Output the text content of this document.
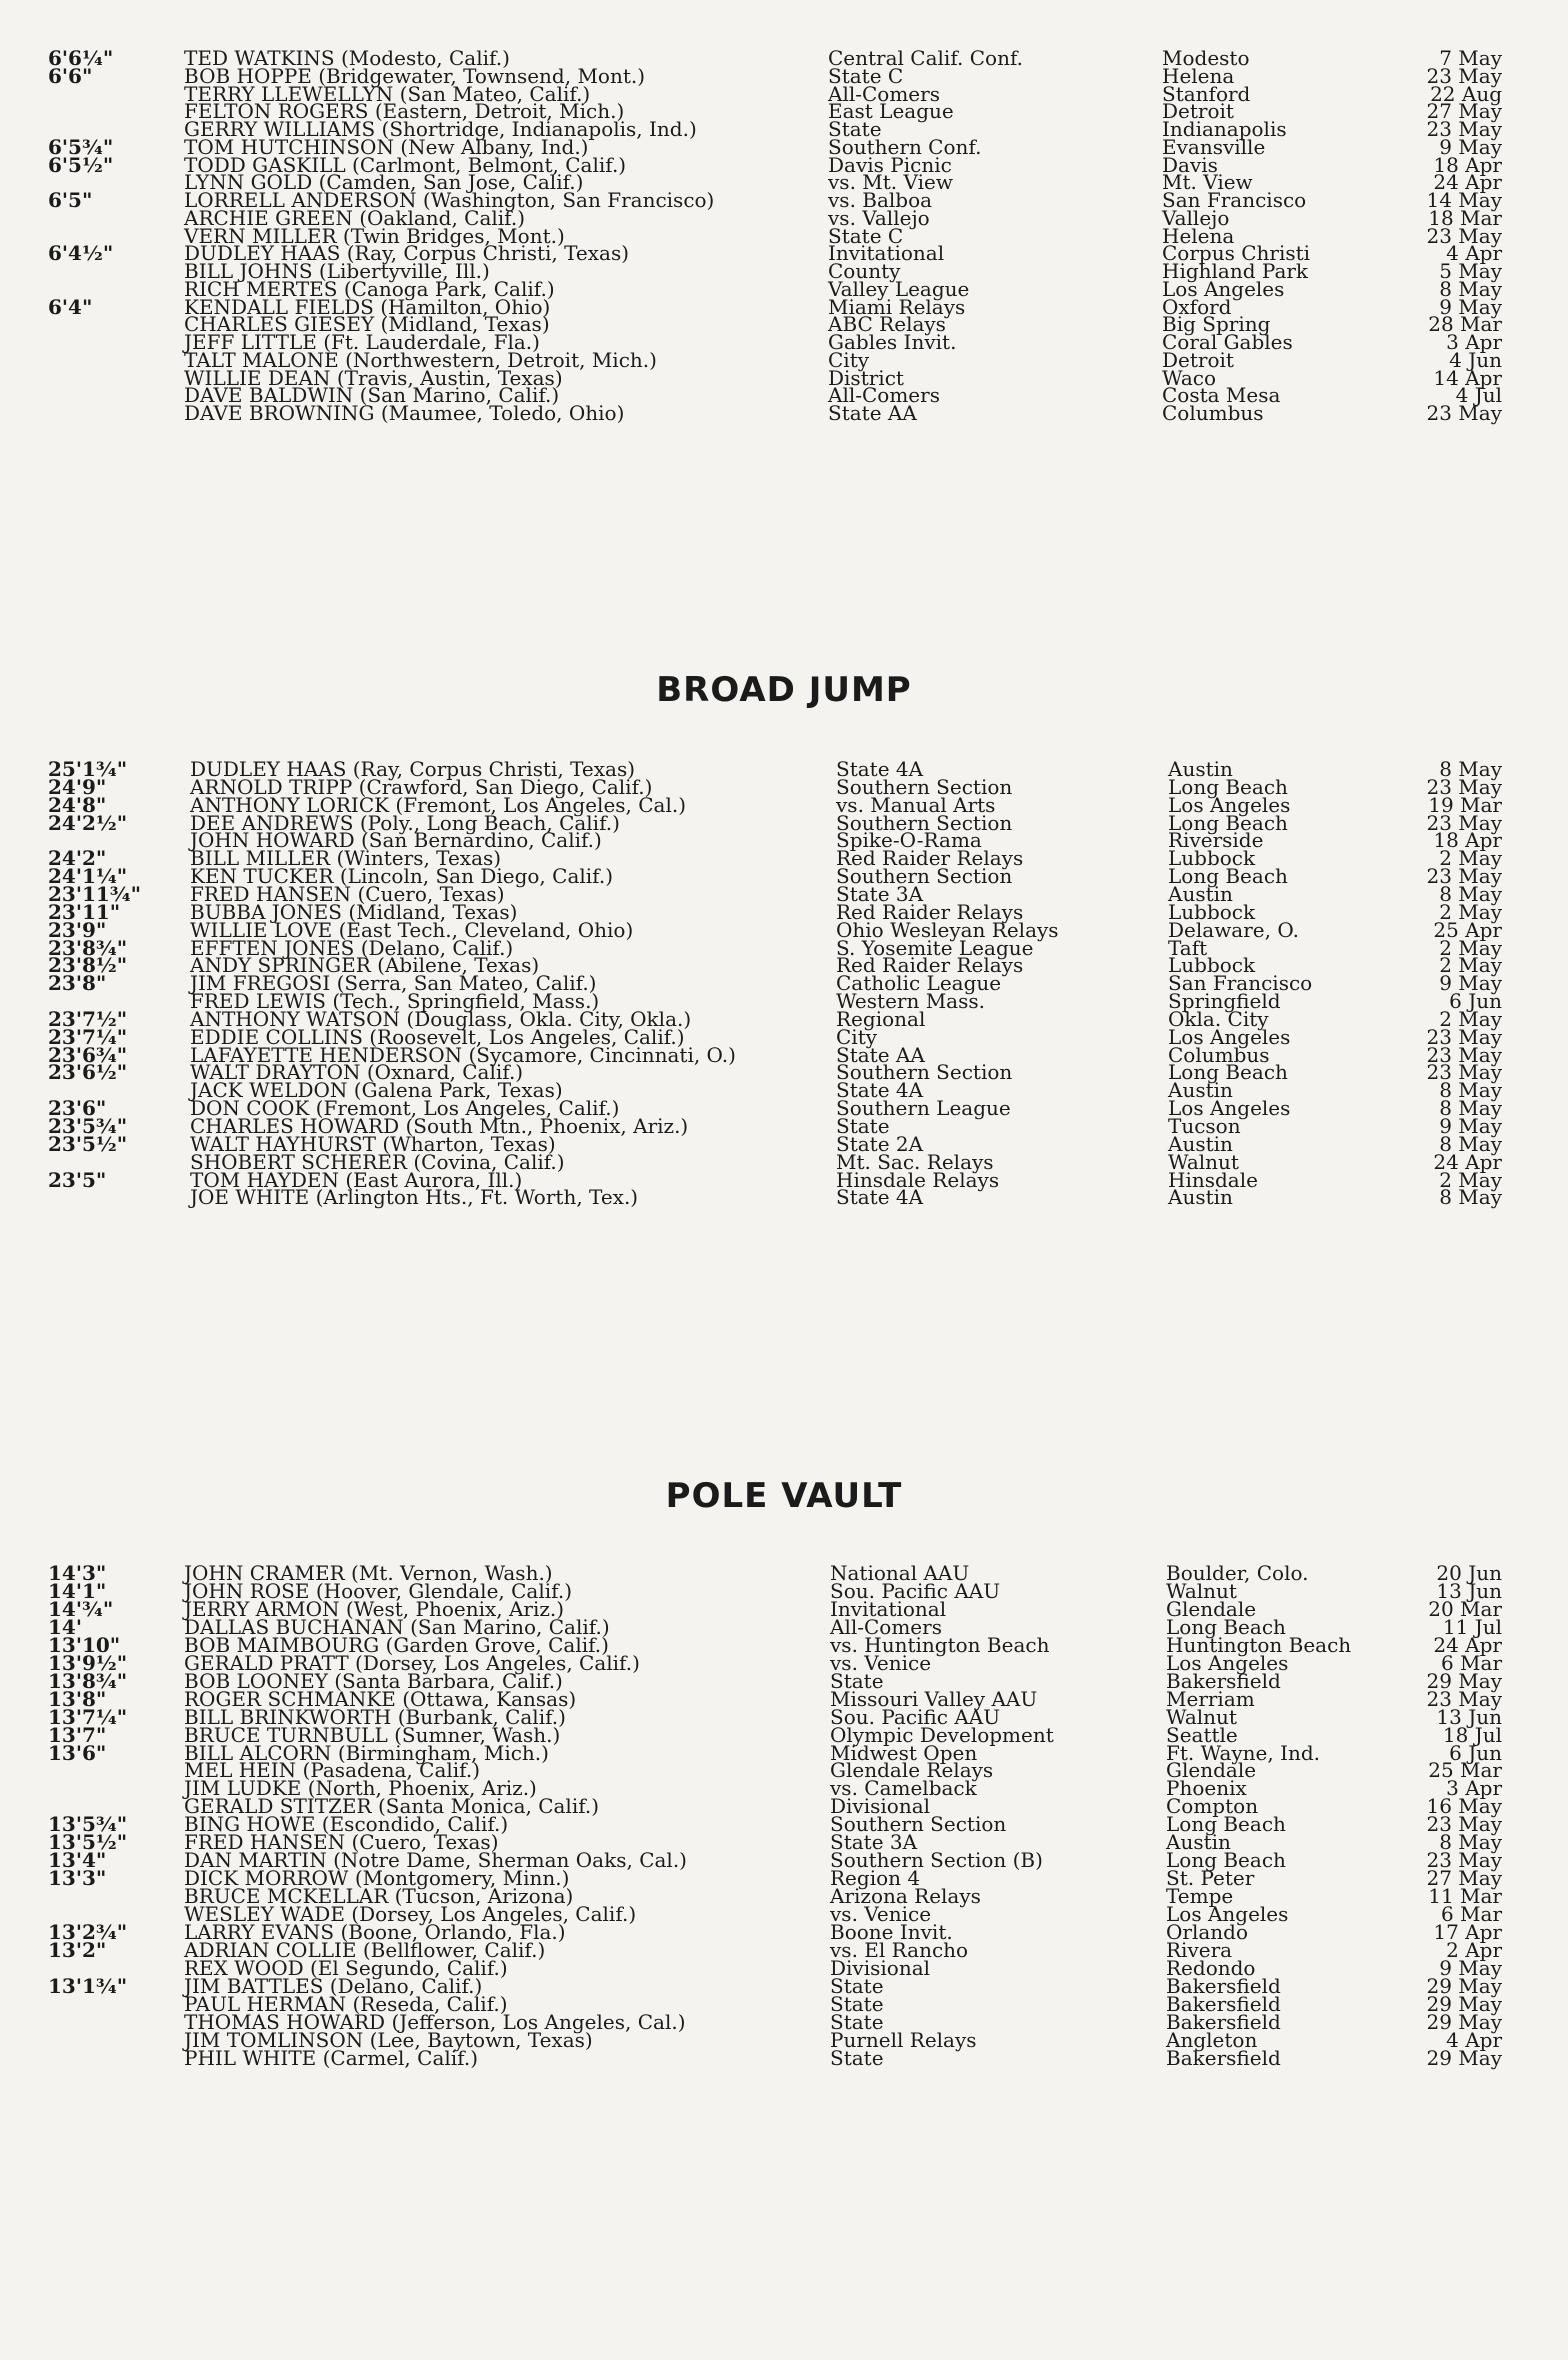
6'6¼"	TED WATKINS (Modesto, Calif.)	Central Calif. Conf.	Modesto	7 May
6'6"	BOB HOPPE (Bridgewater, Townsend, Mont.)	State C	Helena	23 May
TERRY LLEWELLYN (San Mateo, Calif.)	All-Comers	Stanford	22 Aug
FELTON ROGERS (Eastern, Detroit, Mich.)	East League	Detroit	27 May
GERRY WILLIAMS (Shortridge, Indianapolis, Ind.)	State	Indianapolis	23 May
6'5¾"	TOM HUTCHINSON (New Albany, Ind.)	Southern Conf.	Evansville	9 May
6'5½"	TODD GASKILL (Carlmont, Belmont, Calif.)	Davis Picnic	Davis	18 Apr
LYNN GOLD (Camden, San Jose, Calif.)	vs. Mt. View	Mt. View	24 Apr
6'5"	LORRELL ANDERSON (Washington, San Francisco)	vs. Balboa	San Francisco	14 May
ARCHIE GREEN (Oakland, Calif.)	vs. Vallejo	Vallejo	18 Mar
VERN MILLER (Twin Bridges, Mont.)	State C	Helena	23 May
6'4½"	DUDLEY HAAS (Ray, Corpus Christi, Texas)	Invitational	Corpus Christi	4 Apr
BILL JOHNS (Libertyville, Ill.)	County	Highland Park	5 May
RICH MERTES (Canoga Park, Calif.)	Valley League	Los Angeles	8 May
6'4"	KENDALL FIELDS (Hamilton, Ohio)	Miami Relays	Oxford	9 May
CHARLES GIESEY (Midland, Texas)	ABC Relays	Big Spring	28 Mar
JEFF LITTLE (Ft. Lauderdale, Fla.)	Gables Invit.	Coral Gables	3 Apr
TALT MALONE (Northwestern, Detroit, Mich.)	City	Detroit	4 Jun
WILLIE DEAN (Travis, Austin, Texas)	District	Waco	14 Apr
DAVE BALDWIN (San Marino, Calif.)	All-Comers	Costa Mesa	4 Jul
DAVE BROWNING (Maumee, Toledo, Ohio)	State AA	Columbus	23 May
BROAD JUMP
25'1¾"	DUDLEY HAAS (Ray, Corpus Christi, Texas)	State 4A	Austin	8 May
24'9"	ARNOLD TRIPP (Crawford, San Diego, Calif.)	Southern Section	Long Beach	23 May
24'8"	ANTHONY LORICK (Fremont, Los Angeles, Cal.)	vs. Manual Arts	Los Angeles	19 Mar
24'2½"	DEE ANDREWS (Poly., Long Beach, Calif.)	Southern Section	Long Beach	23 May
JOHN HOWARD (San Bernardino, Calif.)	Spike-O-Rama	Riverside	18 Apr
24'2"	BILL MILLER (Winters, Texas)	Red Raider Relays	Lubbock	2 May
24'1¼"	KEN TUCKER (Lincoln, San Diego, Calif.)	Southern Section	Long Beach	23 May
23'11¾" FRED HANSEN (Cuero, Texas)	State 3A	Austin	8 May
23'11"	BUBBA JONES (Midland, Texas)	Red Raider Relays	Lubbock	2 May
23'9"	WILLIE LOVE (East Tech., Cleveland, Ohio)	Ohio Wesleyan Relays	Delaware, O.	25 Apr
23'8¾"	EFFTEN JONES (Delano, Calif.)	S. Yosemite League	Taft	2 May
23'8½"	ANDY SPRINGER (Abilene, Texas)	Red Raider Relays	Lubbock	2 May
23'8"	JIM FREGOSI (Serra, San Mateo, Calif.)	Catholic League	San Francisco	9 May
FRED LEWIS (Tech., Springfield, Mass.)	Western Mass.	Springfield	6 Jun
23'7½"	ANTHONY WATSON (Douglass, Okla. City, Okla.)	Regional	Okla. City	2 May
23'7¼"	EDDIE COLLINS (Roosevelt, Los Angeles, Calif.)	City	Los Angeles	23 May
23'6¾"	LAFAYETTE HENDERSON (Sycamore, Cincinnati, O.)	State AA	Columbus	23 May
23'6½"	WALT DRAYTON (Oxnard, Calif.)	Southern Section	Long Beach	23 May
JACK WELDON (Galena Park, Texas)	State 4A	Austin	8 May
23'6"	DON COOK (Fremont, Los Angeles, Calif.)	Southern League	Los Angeles	8 May
23'5¾"	CHARLES HOWARD (South Mtn., Phoenix, Ariz.)	State	Tucson	9 May
23'5½"	WALT HAYHURST (Wharton, Texas)	State 2A	Austin	8 May
SHOBERT SCHERER (Covina, Calif.)	Mt. Sac. Relays	Walnut	24 Apr
23'5"	TOM HAYDEN (East Aurora, Ill.)	Hinsdale Relays	Hinsdale	2 May
JOE WHITE (Arlington Hts., Ft. Worth, Tex.)	State 4A	Austin	8 May
POLE VAULT
14'3"	JOHN CRAMER (Mt. Vernon, Wash.)	National AAU	Boulder, Colo.	20 Jun
14'1"	JOHN ROSE (Hoover, Glendale, Calif.)	Sou. Pacific AAU	Walnut	13 Jun
14'¾"	JERRY ARMON (West, Phoenix, Ariz.)	Invitational	Glendale	20 Mar
14'	DALLAS BUCHANAN (San Marino, Calif.)	All-Comers	Long Beach	11 Jul
13'10"	BOB MAIMBOURG (Garden Grove, Calif.)	vs. Huntington Beach	Huntington Beach	24 Apr
13'9½"	GERALD PRATT (Dorsey, Los Angeles, Calif.)	vs. Venice	Los Angeles	6 Mar
13'8¾"	BOB LOONEY (Santa Barbara, Calif.)	State	Bakersfield	29 May
13'8"	ROGER SCHMANKE (Ottawa, Kansas)	Missouri Valley AAU	Merriam	23 May
13'7¼"	BILL BRINKWORTH (Burbank, Calif.)	Sou. Pacific AAU	Walnut	13 Jun
13'7"	BRUCE TURNBULL (Sumner, Wash.)	Olympic Development	Seattle	18 Jul
13'6"	BILL ALCORN (Birmingham, Mich.)	Midwest Open	Ft. Wayne, Ind.	6 Jun
MEL HEIN (Pasadena, Calif.)	Glendale Relays	Glendale	25 Mar
JIM LUDKE (North, Phoenix, Ariz.)	vs. Camelback	Phoenix	3 Apr
GERALD STITZER (Santa Monica, Calif.)	Divisional	Compton	16 May
13'5¾"	BING HOWE (Escondido, Calif.)	Southern Section	Long Beach	23 May
13'5½"	FRED HANSEN (Cuero, Texas)	State 3A	Austin	8 May
13'4"	DAN MARTIN (Notre Dame, Sherman Oaks, Cal.)	Southern Section (B)	Long Beach	23 May
13'3"	DICK MORROW (Montgomery, Minn.)	Region 4	St. Peter	27 May
BRUCE MCKELLAR (Tucson, Arizona)	Arizona Relays	Tempe	11 Mar
WESLEY WADE (Dorsey, Los Angeles, Calif.)	vs. Venice	Los Angeles	6 Mar
13'2¾"	LARRY EVANS (Boone, Orlando, Fla.)	Boone Invit.	Orlando	17 Apr
13'2"	ADRIAN COLLIE (Bellflower, Calif.)	vs. El Rancho	Rivera	2 Apr
REX WOOD (El Segundo, Calif.)	Divisional	Redondo	9 May
13'1¾"	JIM BATTLES (Delano, Calif.)	State	Bakersfield	29 May
PAUL HERMAN (Reseda, Calif.)	State	Bakersfield	29 May
THOMAS HOWARD (Jefferson, Los Angeles, Cal.)	State	Bakersfield	29 May
JIM TOMLINSON (Lee, Baytown, Texas)	Purnell Relays	Angleton	4 Apr
PHIL WHITE (Carmel, Calif.)	State	Bakersfield	29 May
